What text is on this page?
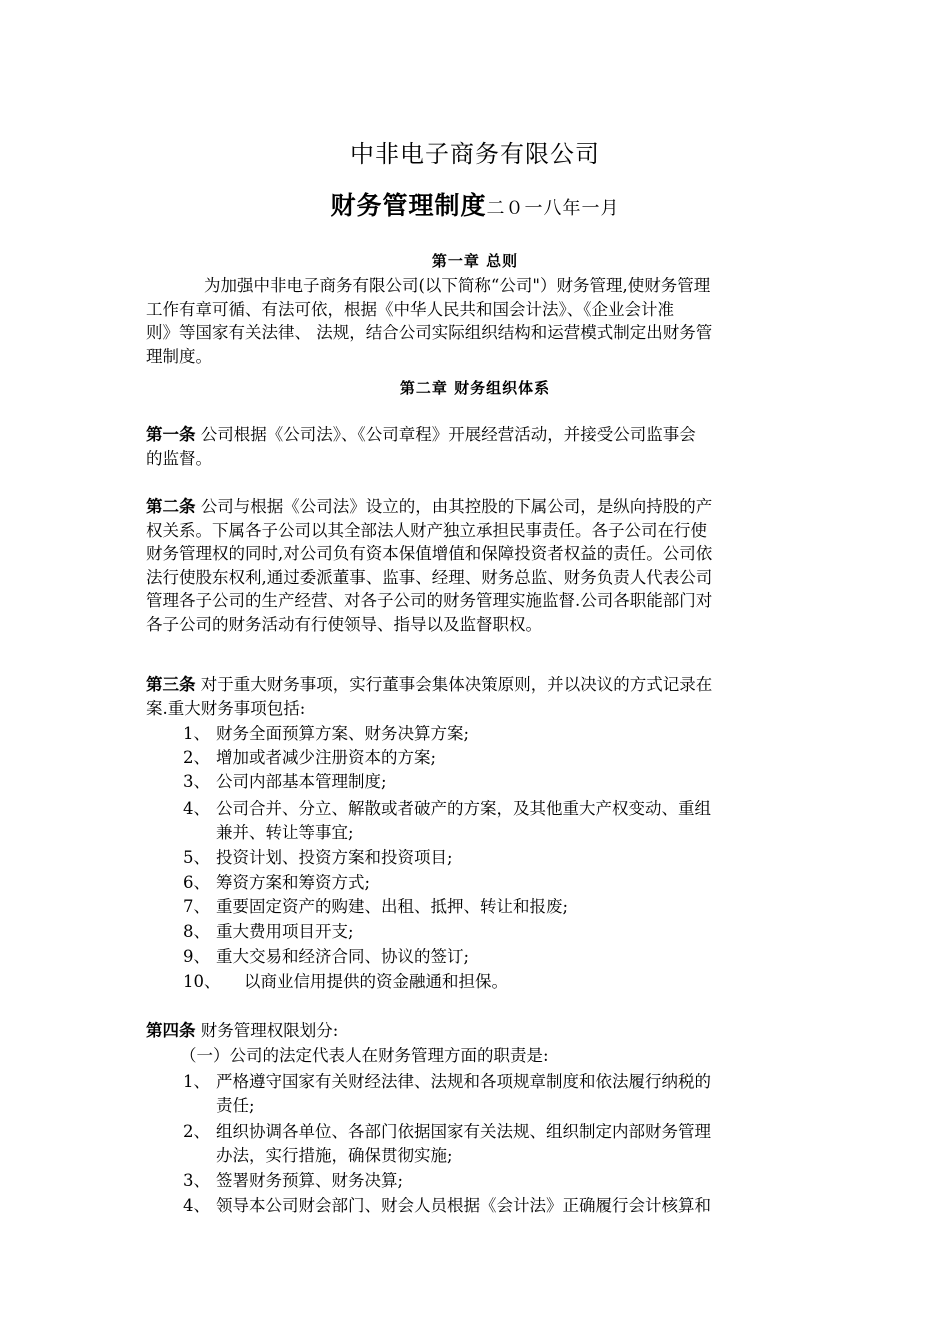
中非电子商务有限公司
财务管理制度二０一八年一月
第一章 总则
为加强中非电子商务有限公司(以下简称“公司"）财务管理,使财务管理
工作有章可循、有法可依，根据《中华人民共和国会计法》、《企业会计准
则》等国家有关法律、 法规，结合公司实际组织结构和运营模式制定出财务管
理制度。
第二章 财务组织体系
第一条 公司根据《公司法》、《公司章程》开展经营活动，并接受公司监事会
的监督。
第二条 公司与根据《公司法》设立的，由其控股的下属公司，是纵向持股的产
权关系。下属各子公司以其全部法人财产独立承担民事责任。各子公司在行使
财务管理权的同时,对公司负有资本保值增值和保障投资者权益的责任。公司依
法行使股东权利,通过委派董事、监事、经理、财务总监、财务负责人代表公司
管理各子公司的生产经营、对各子公司的财务管理实施监督.公司各职能部门对
各子公司的财务活动有行使领导、指导以及监督职权。
第三条 对于重大财务事项，实行董事会集体决策原则，并以决议的方式记录在
案.重大财务事项包括:
1、 财务全面预算方案、财务决算方案;
2、 增加或者减少注册资本的方案;
3、 公司内部基本管理制度;
4、 公司合并、分立、解散或者破产的方案，及其他重大产权变动、重组
兼并、转让等事宜;
5、 投资计划、投资方案和投资项目;
6、 筹资方案和筹资方式;
7、 重要固定资产的购建、出租、抵押、转让和报废;
8、 重大费用项目开支;
9、 重大交易和经济合同、协议的签订;
10、 以商业信用提供的资金融通和担保。
第四条 财务管理权限划分:
（一）公司的法定代表人在财务管理方面的职责是:
1、 严格遵守国家有关财经法律、法规和各项规章制度和依法履行纳税的
责任;
2、 组织协调各单位、各部门依据国家有关法规、组织制定内部财务管理
办法，实行措施，确保贯彻实施;
3、 签署财务预算、财务决算;
4、 领导本公司财会部门、财会人员根据《会计法》正确履行会计核算和
